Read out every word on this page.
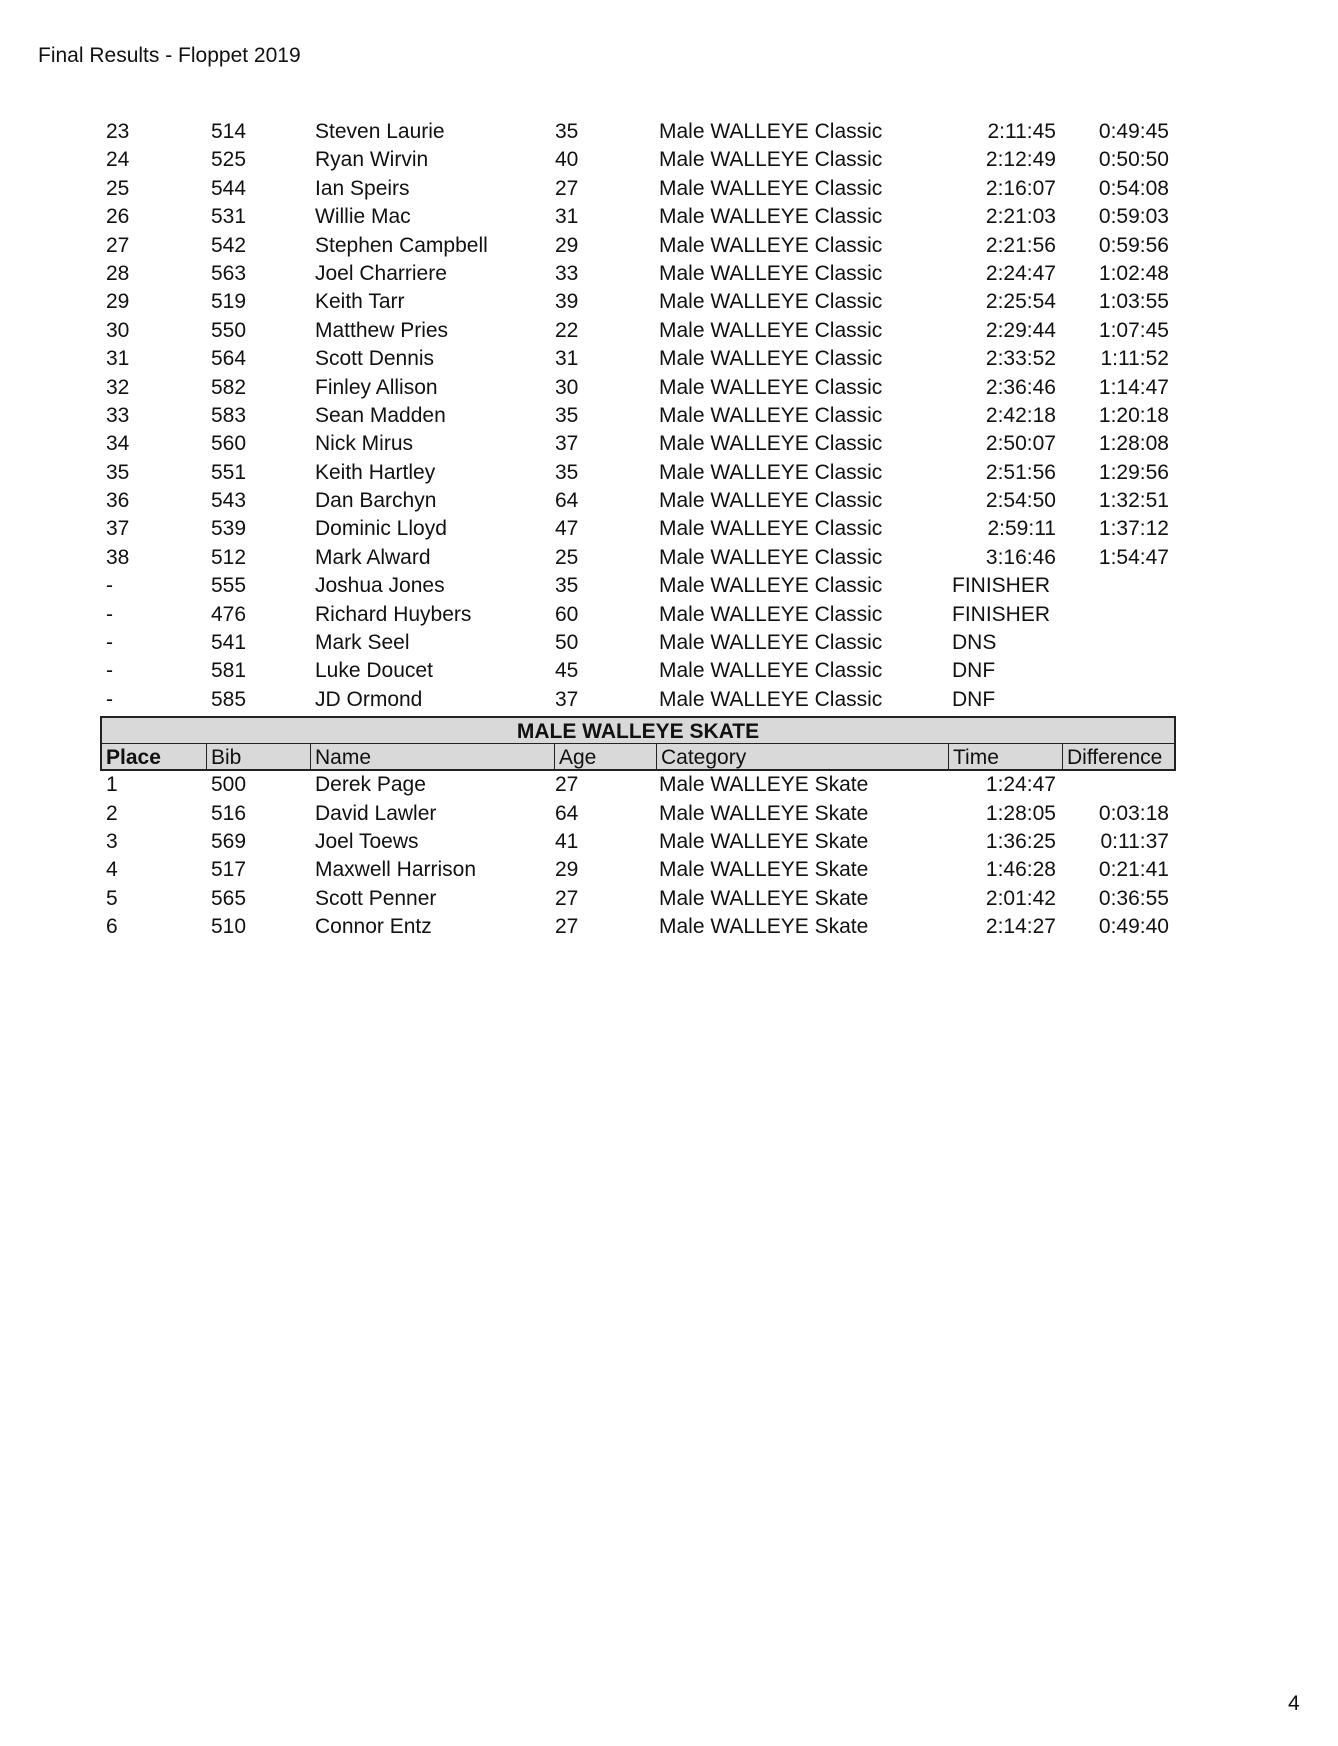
Final Results - Floppet 2019
23	514	Steven Laurie	35	Male WALLEYE Classic	2:11:45	0:49:45
24	525	Ryan Wirvin	40	Male WALLEYE Classic	2:12:49	0:50:50
25	544	Ian Speirs	27	Male WALLEYE Classic	2:16:07	0:54:08
26	531	Willie Mac	31	Male WALLEYE Classic	2:21:03	0:59:03
27	542	Stephen Campbell	29	Male WALLEYE Classic	2:21:56	0:59:56
28	563	Joel Charriere	33	Male WALLEYE Classic	2:24:47	1:02:48
29	519	Keith Tarr	39	Male WALLEYE Classic	2:25:54	1:03:55
30	550	Matthew Pries	22	Male WALLEYE Classic	2:29:44	1:07:45
31	564	Scott Dennis	31	Male WALLEYE Classic	2:33:52	1:11:52
32	582	Finley Allison	30	Male WALLEYE Classic	2:36:46	1:14:47
33	583	Sean Madden	35	Male WALLEYE Classic	2:42:18	1:20:18
34	560	Nick Mirus	37	Male WALLEYE Classic	2:50:07	1:28:08
35	551	Keith Hartley	35	Male WALLEYE Classic	2:51:56	1:29:56
36	543	Dan Barchyn	64	Male WALLEYE Classic	2:54:50	1:32:51
37	539	Dominic Lloyd	47	Male WALLEYE Classic	2:59:11	1:37:12
38	512	Mark Alward	25	Male WALLEYE Classic	3:16:46	1:54:47
-	555	Joshua Jones	35	Male WALLEYE Classic	FINISHER
-	476	Richard Huybers	60	Male WALLEYE Classic	FINISHER
-	541	Mark Seel	50	Male WALLEYE Classic	DNS
-	581	Luke Doucet	45	Male WALLEYE Classic	DNF
-	585	JD Ormond	37	Male WALLEYE Classic	DNF
MALE WALLEYE SKATE
Place	Bib	Name	Age	Category	Time	Difference
1	500	Derek Page	27	Male WALLEYE Skate	1:24:47
2	516	David Lawler	64	Male WALLEYE Skate	1:28:05	0:03:18
3	569	Joel Toews	41	Male WALLEYE Skate	1:36:25	0:11:37
4	517	Maxwell Harrison	29	Male WALLEYE Skate	1:46:28	0:21:41
5	565	Scott Penner	27	Male WALLEYE Skate	2:01:42	0:36:55
6	510	Connor Entz	27	Male WALLEYE Skate	2:14:27	0:49:40
4
